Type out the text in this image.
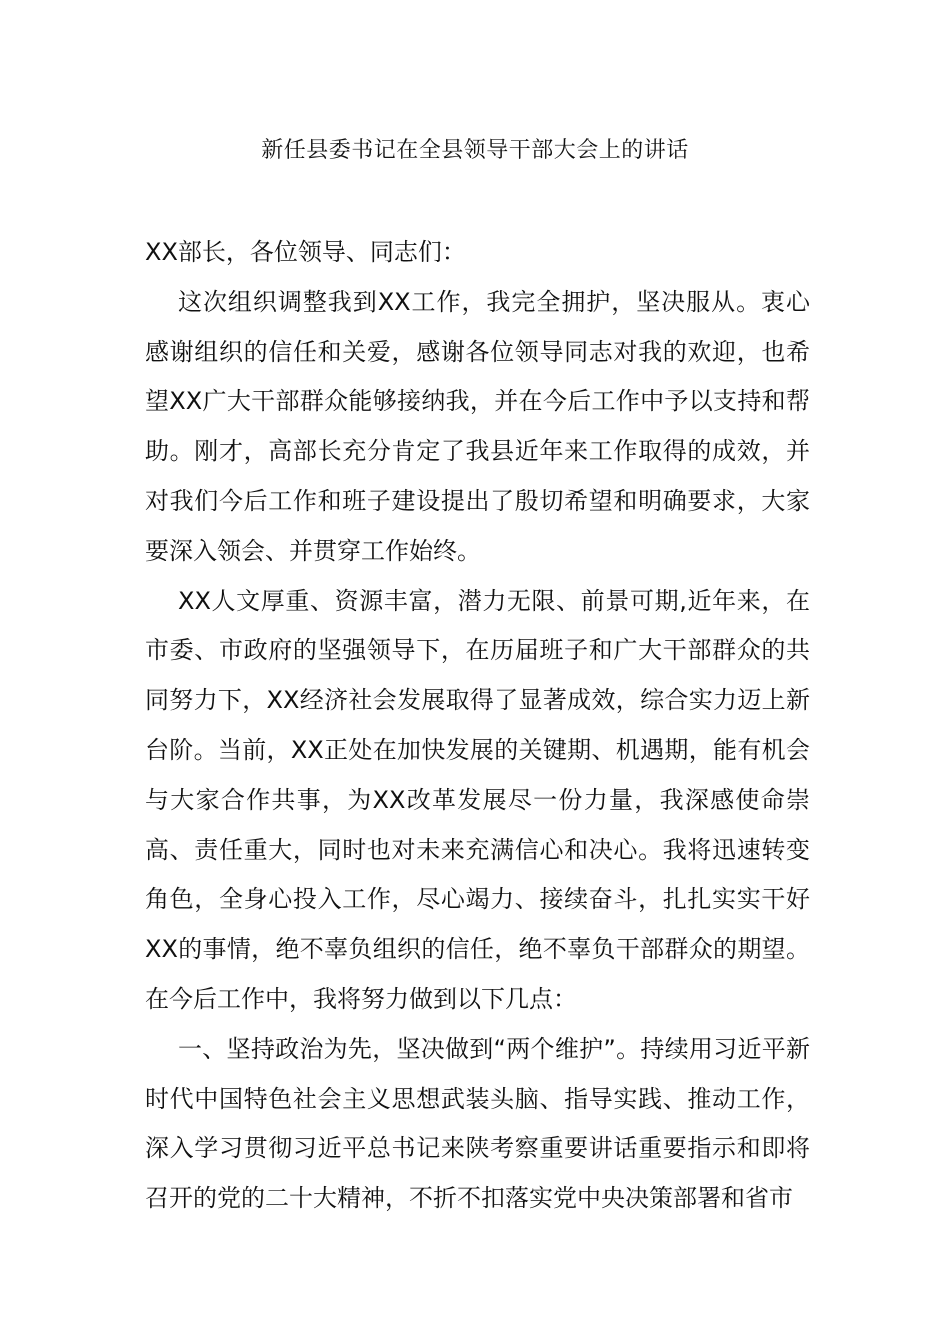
新任县委书记在全县领导干部大会上的讲话

XX部长，各位领导、同志们：

这次组织调整我到XX工作，我完全拥护，坚决服从。衷心感谢组织的信任和关爱，感谢各位领导同志对我的欢迎，也希望XX广大干部群众能够接纳我，并在今后工作中予以支持和帮助。刚才，高部长充分肯定了我县近年来工作取得的成效，并对我们今后工作和班子建设提出了殷切希望和明确要求，大家要深入领会、并贯穿工作始终。

XX人文厚重、资源丰富，潜力无限、前景可期,近年来，在市委、市政府的坚强领导下，在历届班子和广大干部群众的共同努力下，XX经济社会发展取得了显著成效，综合实力迈上新台阶。当前，XX正处在加快发展的关键期、机遇期，能有机会与大家合作共事，为XX改革发展尽一份力量，我深感使命崇高、责任重大，同时也对未来充满信心和决心。我将迅速转变角色，全身心投入工作，尽心竭力、接续奋斗，扎扎实实干好XX的事情，绝不辜负组织的信任，绝不辜负干部群众的期望。在今后工作中，我将努力做到以下几点：

一、坚持政治为先，坚决做到“两个维护”。持续用习近平新时代中国特色社会主义思想武装头脑、指导实践、推动工作，深入学习贯彻习近平总书记来陕考察重要讲话重要指示和即将召开的党的二十大精神，不折不扣落实党中央决策部署和省市
